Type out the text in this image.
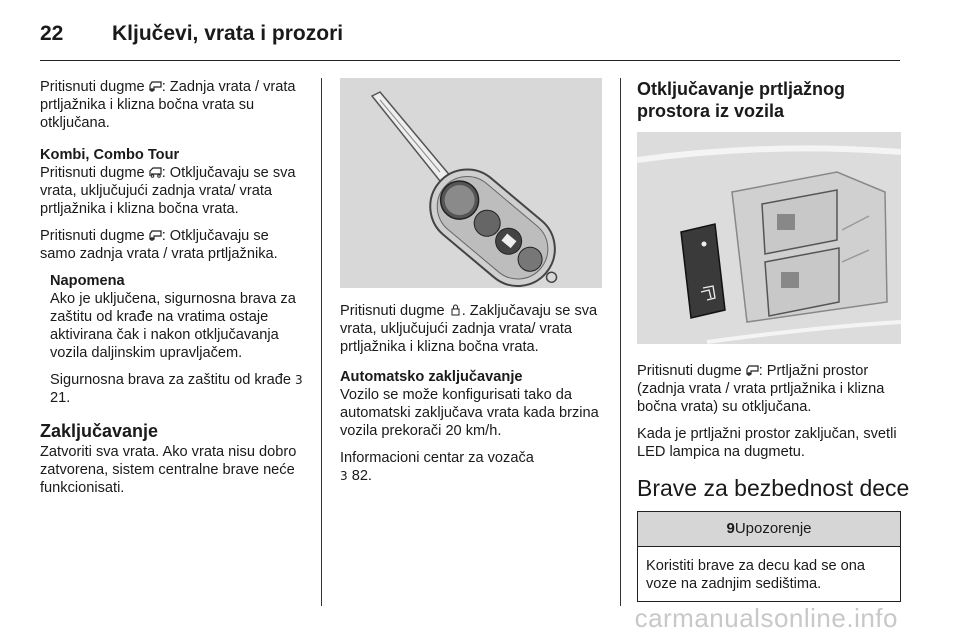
22 Ključevi, vrata i prozori

Pritisnuti dugme : Zadnja vrata / vrata prtljažnika i klizna bočna vrata su otključana.

Kombi, Combo Tour

Pritisnuti dugme : Otključavaju se sva vrata, uključujući zadnja vrata/ vrata prtljažnika i klizna bočna vrata.

Pritisnuti dugme : Otključavaju se samo zadnja vrata / vrata prtljažnika.

Napomena

Ako je uključena, sigurnosna brava za zaštitu od krađe na vratima ostaje aktivirana čak i nakon otključavanja vozila daljinskim upravljačem.

Sigurnosna brava za zaštitu od krađe 3 21.

Zaključavanje

Zatvoriti sva vrata. Ako vrata nisu dobro zatvorena, sistem centralne brave neće funkcionisati.

Pritisnuti dugme . Zaključavaju se sva vrata, uključujući zadnja vrata/ vrata prtljažnika i klizna bočna vrata.

Automatsko zaključavanje

Vozilo se može konfigurisati tako da automatski zaključava vrata kada brzina vozila prekorači 20 km/h.

Informacioni centar za vozača
3 82.

Otključavanje prtljažnog prostora iz vozila

Pritisnuti dugme : Prtljažni prostor (zadnja vrata / vrata prtljažnika i klizna bočna vrata) su otključana.

Kada je prtljažni prostor zaključan, svetli LED lampica na dugmetu.

Brave za bezbednost dece
9Upozorenje
Koristiti brave za decu kad se ona voze na zadnjim sedištima.
carmanualsonline.info
